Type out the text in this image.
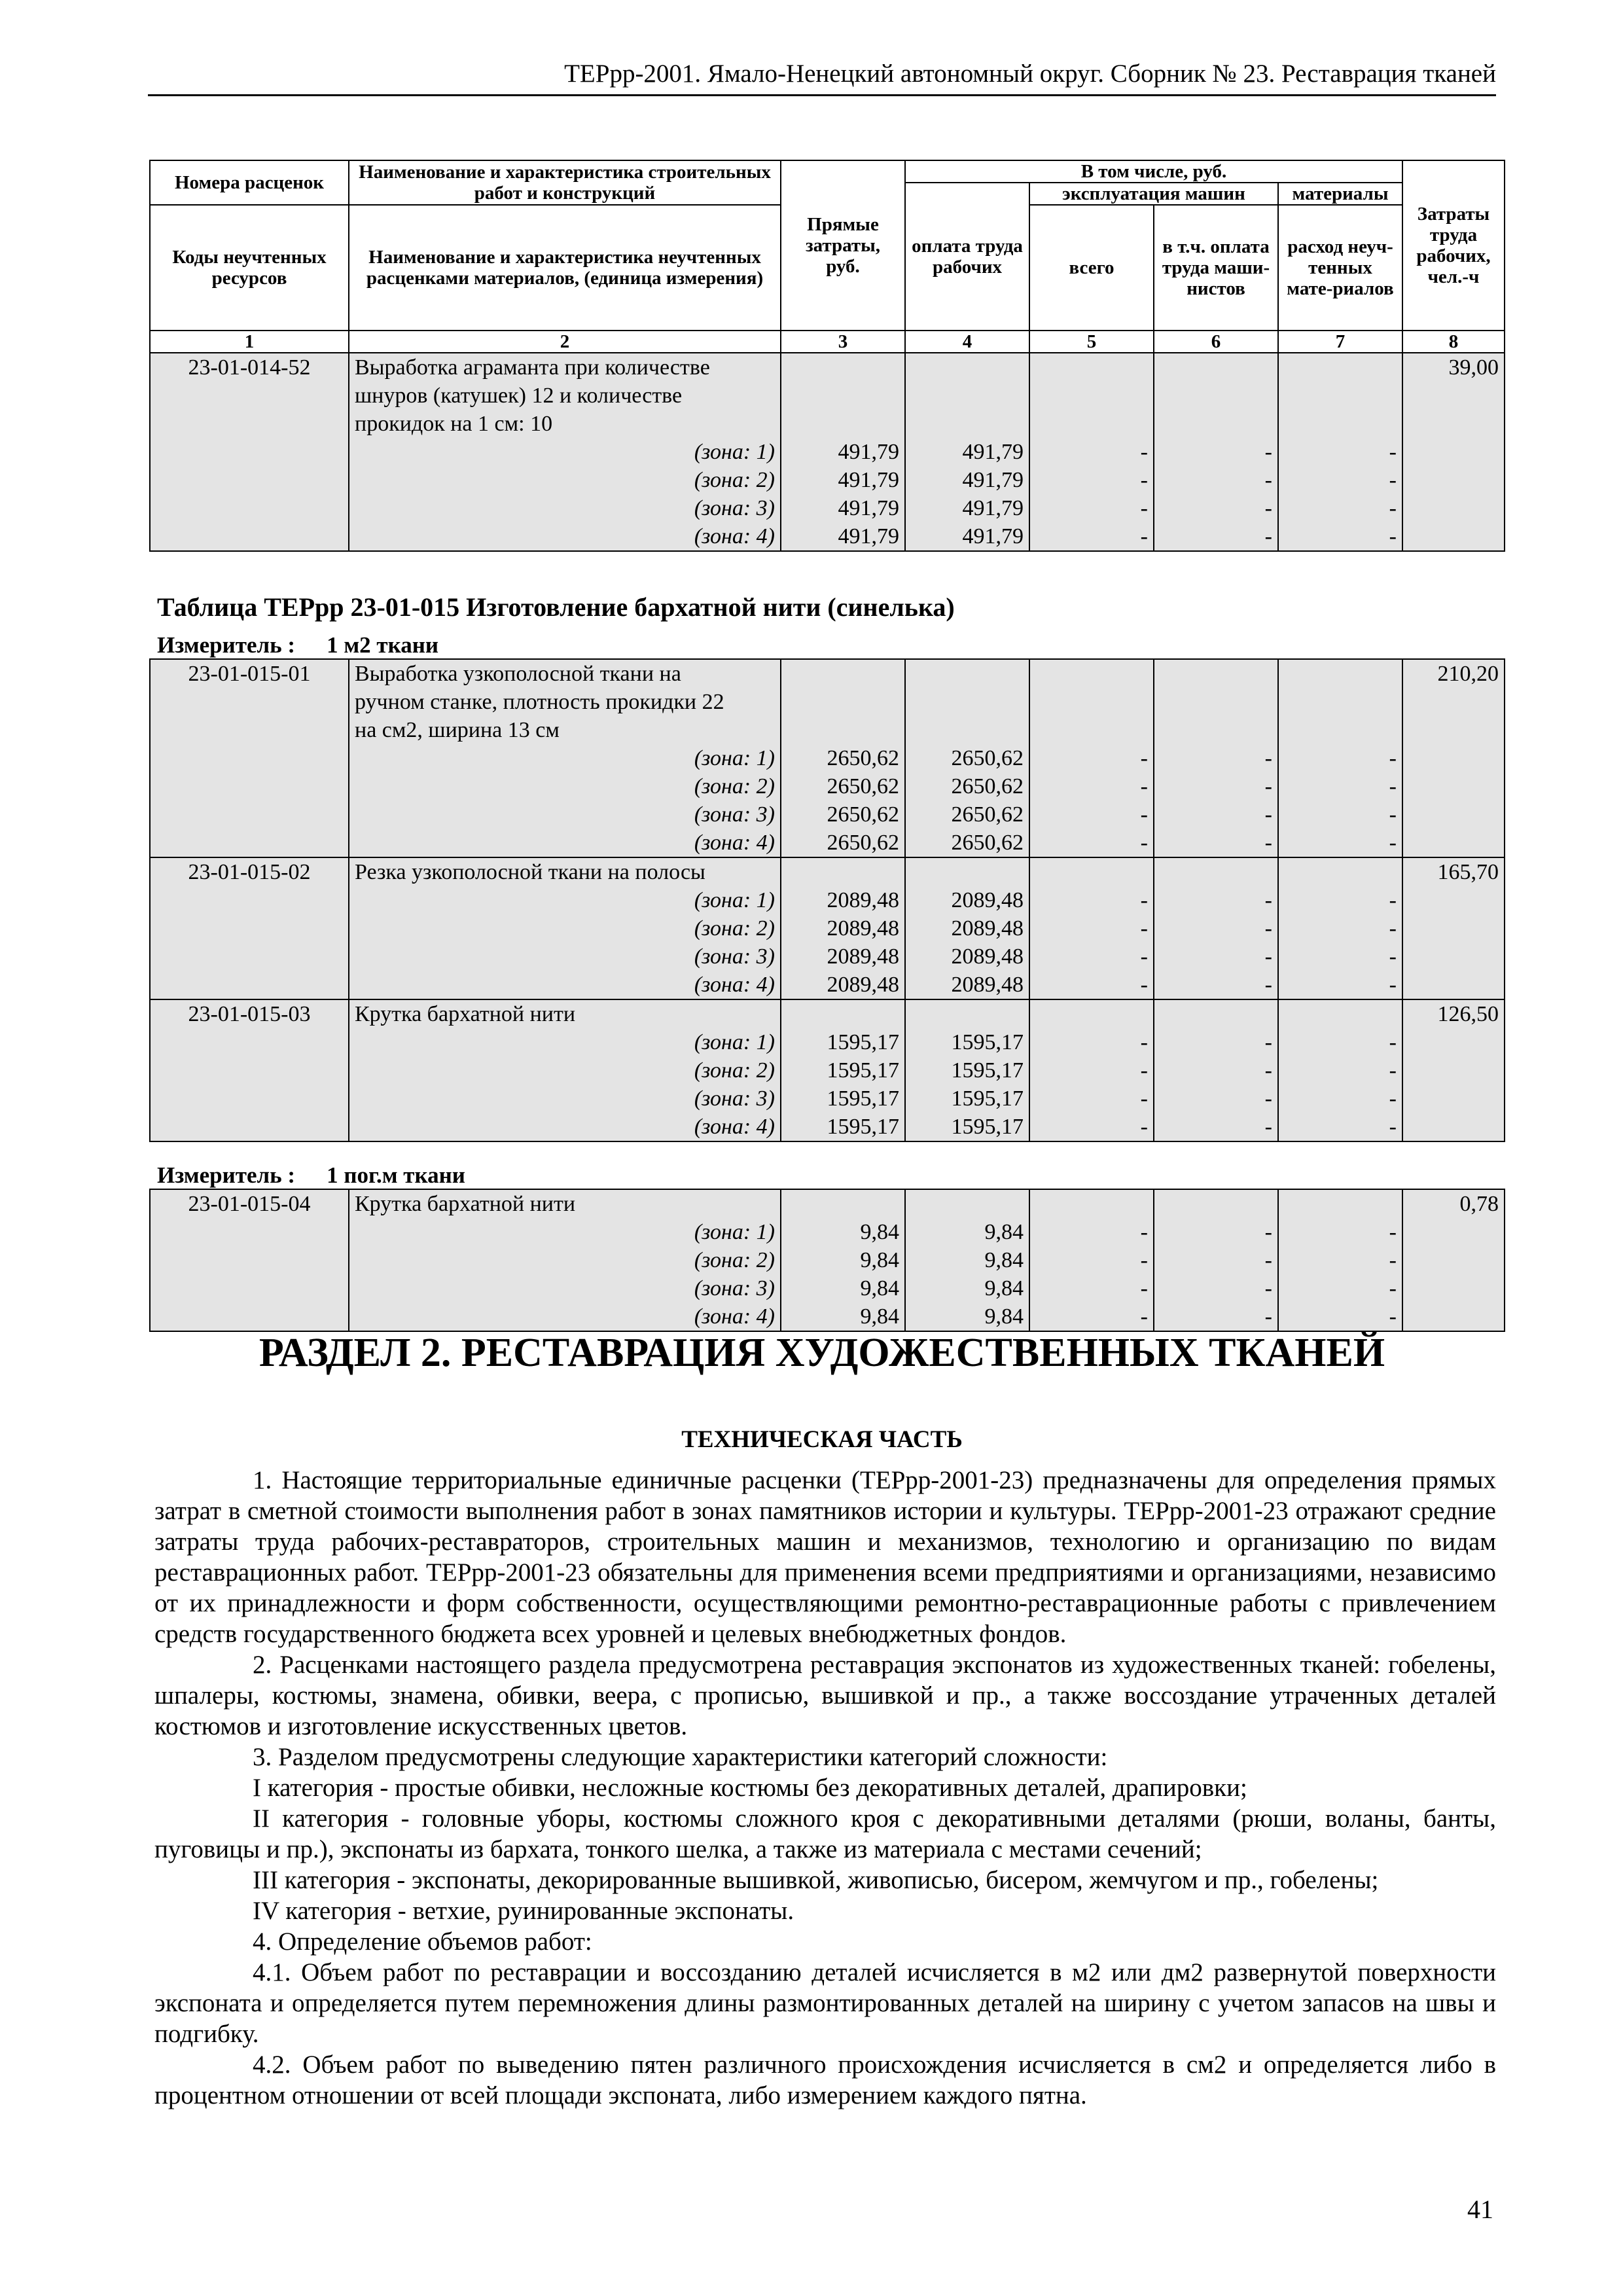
ТЕРрр-2001. Ямало-Ненецкий автономный округ. Сборник № 23. Реставрация тканей
Номера расценок	Наименование и характеристика строительных работ и конструкций	Прямые затраты, руб.	В том числе, руб.				Затраты труда рабочих, чел.-ч
			оплата труда рабочих	эксплуатация машин		материалы	
Коды неучтенных ресурсов	Наименование и характеристика неучтенных расценками материалов, (единица измерения)			всего	в т.ч. оплата труда маши-нистов	расход неуч-тенных мате-риалов	
1	2	3	4	5	6	7	8
23-01-014-52	Выработка аграманта при количестве						39,00
	шнуров (катушек) 12 и количестве						
	прокидок на 1 см: 10						
	(зона: 1)	491,79	491,79	-	-	-	
	(зона: 2)	491,79	491,79	-	-	-	
	(зона: 3)	491,79	491,79	-	-	-	
	(зона: 4)	491,79	491,79	-	-	-	
Таблица ТЕРрр 23-01-015 Изготовление бархатной нити (синелька)
Измеритель : 1 м2 ткани
23-01-015-01	Выработка узкополосной ткани на						210,20
	ручном станке, плотность прокидки 22						
	на см2, ширина 13 см						
	(зона: 1)	2650,62	2650,62	-	-	-	
	(зона: 2)	2650,62	2650,62	-	-	-	
	(зона: 3)	2650,62	2650,62	-	-	-	
	(зона: 4)	2650,62	2650,62	-	-	-	
23-01-015-02	Резка узкополосной ткани на полосы						165,70
	(зона: 1)	2089,48	2089,48	-	-	-	
	(зона: 2)	2089,48	2089,48	-	-	-	
	(зона: 3)	2089,48	2089,48	-	-	-	
	(зона: 4)	2089,48	2089,48	-	-	-	
23-01-015-03	Крутка бархатной нити						126,50
	(зона: 1)	1595,17	1595,17	-	-	-	
	(зона: 2)	1595,17	1595,17	-	-	-	
	(зона: 3)	1595,17	1595,17	-	-	-	
	(зона: 4)	1595,17	1595,17	-	-	-	
Измеритель : 1 пог.м ткани
23-01-015-04	Крутка бархатной нити						0,78
	(зона: 1)	9,84	9,84	-	-	-	
	(зона: 2)	9,84	9,84	-	-	-	
	(зона: 3)	9,84	9,84	-	-	-	
	(зона: 4)	9,84	9,84	-	-	-	
РАЗДЕЛ 2. РЕСТАВРАЦИЯ ХУДОЖЕСТВЕННЫХ ТКАНЕЙ
ТЕХНИЧЕСКАЯ ЧАСТЬ

1. Настоящие территориальные единичные расценки (ТЕРрр-2001-23) предназначены для определения прямых затрат в сметной стоимости выполнения работ в зонах памятников истории и культуры. ТЕРрр-2001-23 отражают средние затраты труда рабочих-реставраторов, строительных машин и механизмов, технологию и организацию по видам реставрационных работ. ТЕРрр-2001-23 обязательны для применения всеми предприятиями и организациями, независимо от их принадлежности и форм собственности, осуществляющими ремонтно-реставрационные работы с привлечением средств государственного бюджета всех уровней и целевых внебюджетных фондов.

2. Расценками настоящего раздела предусмотрена реставрация экспонатов из художественных тканей: гобелены, шпалеры, костюмы, знамена, обивки, веера, с прописью, вышивкой и пр., а также воссоздание утраченных деталей костюмов и изготовление искусственных цветов.

3. Разделом предусмотрены следующие характеристики категорий сложности:

I категория - простые обивки, несложные костюмы без декоративных деталей, драпировки;

II категория - головные уборы, костюмы сложного кроя с декоративными деталями (рюши, воланы, банты, пуговицы и пр.), экспонаты из бархата, тонкого шелка, а также из материала с местами сечений;

III категория - экспонаты, декорированные вышивкой, живописью, бисером, жемчугом и пр., гобелены;

IV категория - ветхие, руинированные экспонаты.

4. Определение объемов работ:

4.1. Объем работ по реставрации и воссозданию деталей исчисляется в м2 или дм2 развернутой поверхности экспоната и определяется путем перемножения длины размонтированных деталей на ширину с учетом запасов на швы и подгибку.

4.2. Объем работ по выведению пятен различного происхождения исчисляется в см2 и определяется либо в процентном отношении от всей площади экспоната, либо измерением каждого пятна.

41
